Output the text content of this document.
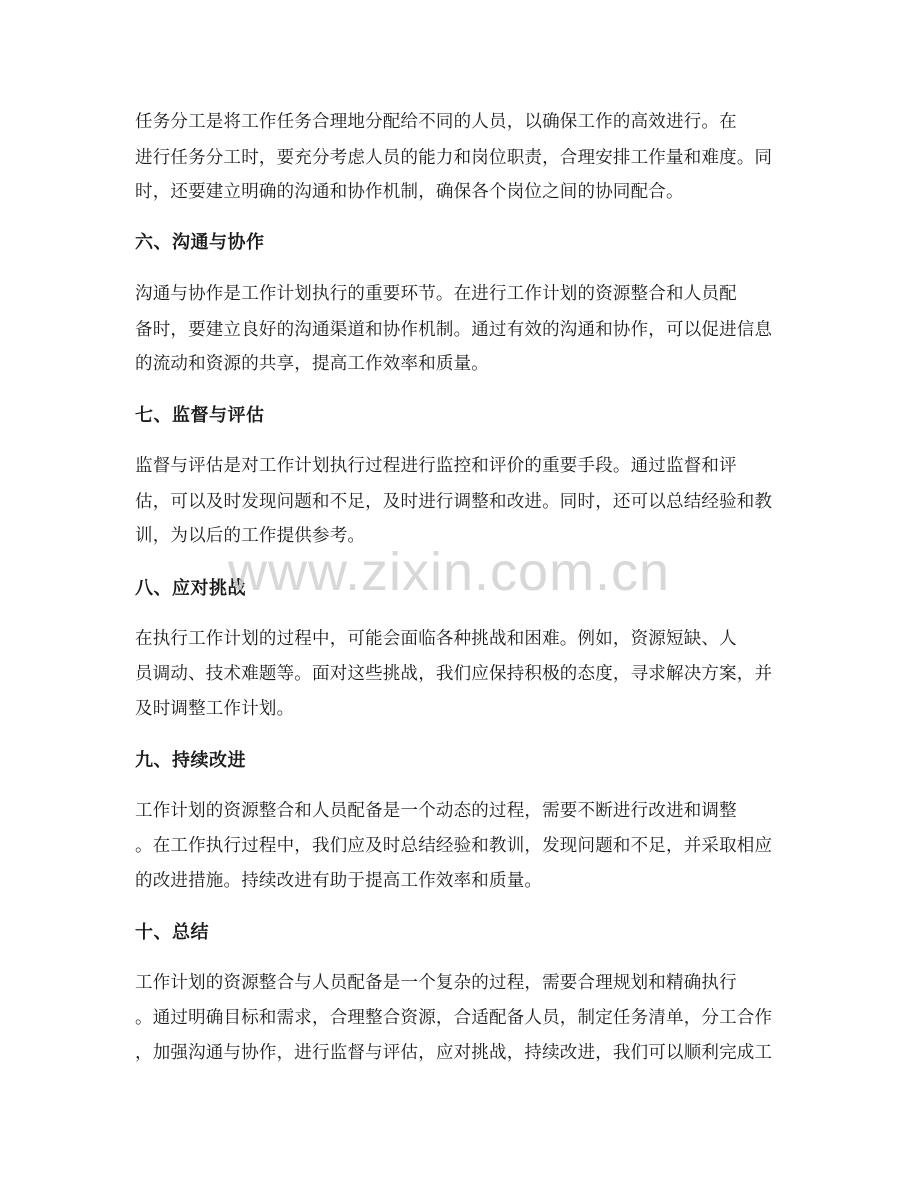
任务分工是将工作任务合理地分配给不同的人员，以确保工作的高效进行。在
进行任务分工时，要充分考虑人员的能力和岗位职责，合理安排工作量和难度。同
时，还要建立明确的沟通和协作机制，确保各个岗位之间的协同配合。
六、沟通与协作
沟通与协作是工作计划执行的重要环节。在进行工作计划的资源整合和人员配
备时，要建立良好的沟通渠道和协作机制。通过有效的沟通和协作，可以促进信息
的流动和资源的共享，提高工作效率和质量。
七、监督与评估
监督与评估是对工作计划执行过程进行监控和评价的重要手段。通过监督和评
估，可以及时发现问题和不足，及时进行调整和改进。同时，还可以总结经验和教
训，为以后的工作提供参考。
八、应对挑战
在执行工作计划的过程中，可能会面临各种挑战和困难。例如，资源短缺、人
员调动、技术难题等。面对这些挑战，我们应保持积极的态度，寻求解决方案，并
及时调整工作计划。
九、持续改进
工作计划的资源整合和人员配备是一个动态的过程，需要不断进行改进和调整
。在工作执行过程中，我们应及时总结经验和教训，发现问题和不足，并采取相应
的改进措施。持续改进有助于提高工作效率和质量。
十、总结
工作计划的资源整合与人员配备是一个复杂的过程，需要合理规划和精确执行
。通过明确目标和需求，合理整合资源，合适配备人员，制定任务清单，分工合作
，加强沟通与协作，进行监督与评估，应对挑战，持续改进，我们可以顺利完成工
www.zixin.com.cn
